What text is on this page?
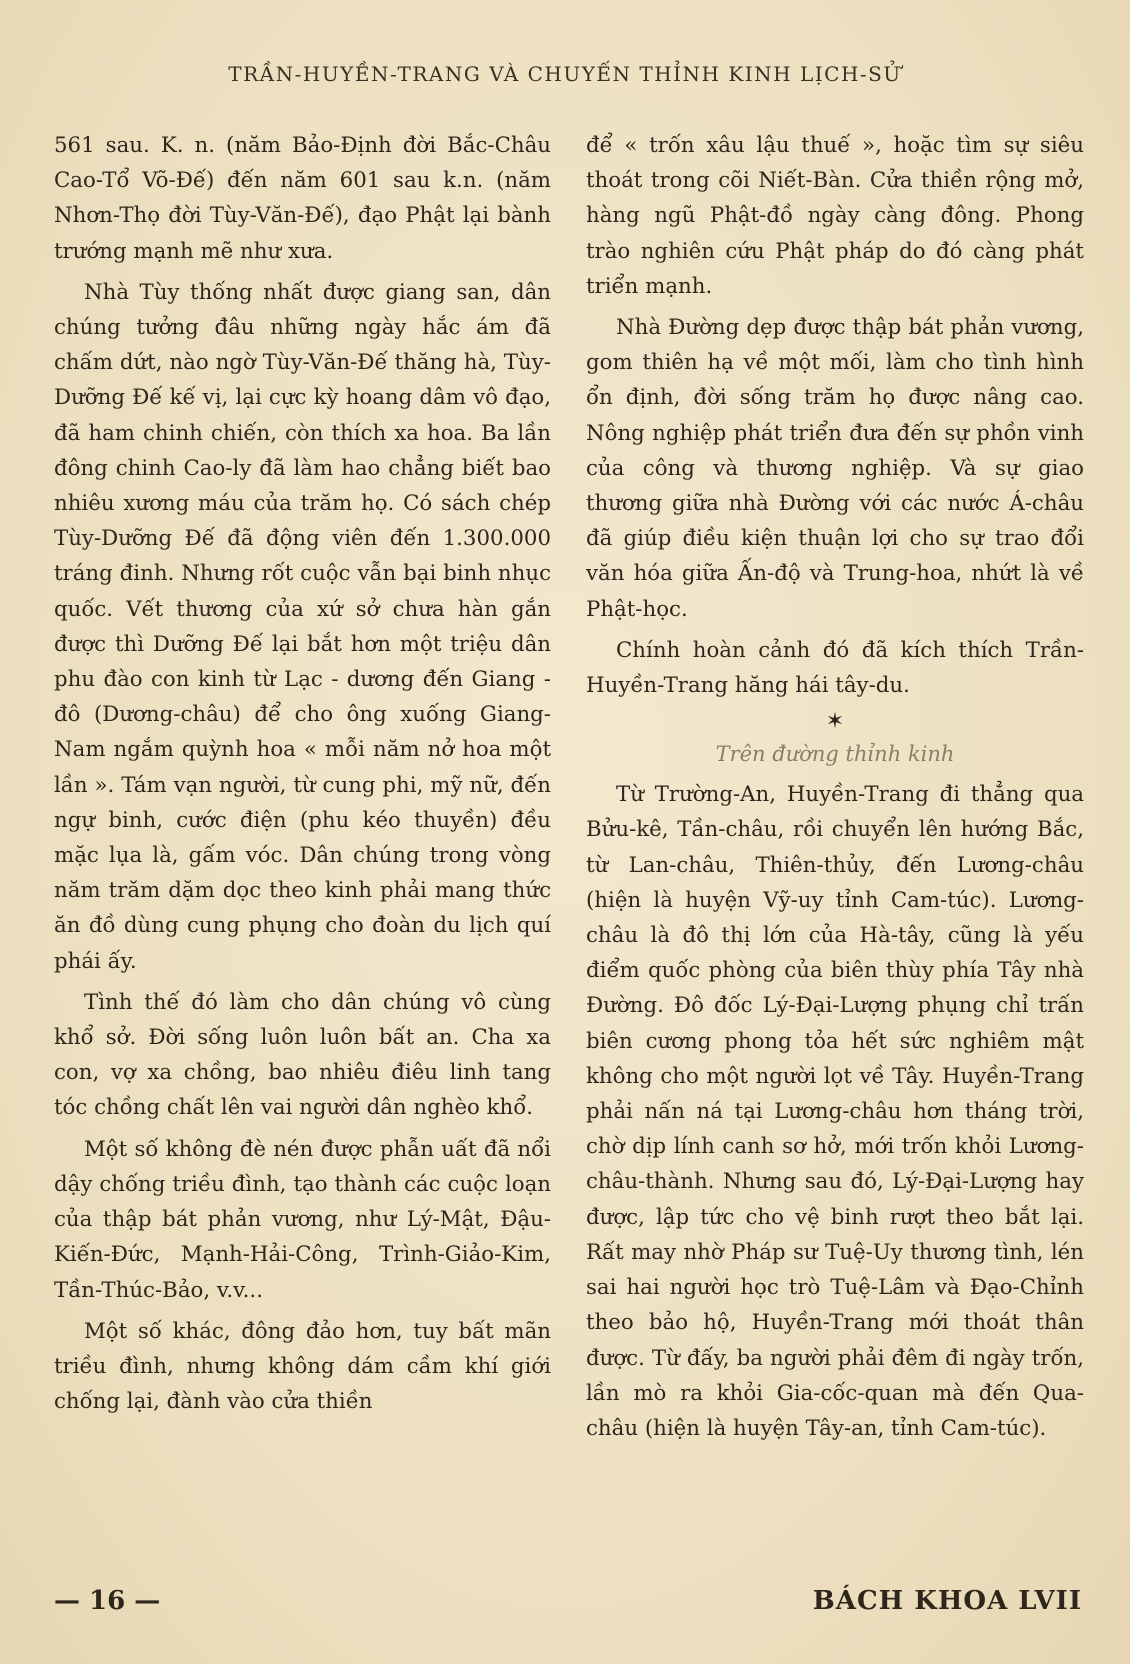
TRẦN-HUYỀN-TRANG VÀ CHUYẾN THỈNH KINH LỊCH-SỬ

561 sau. K. n. (năm Bảo-Định đời Bắc-Châu Cao-Tổ Võ-Đế) đến năm 601 sau k.n. (năm Nhơn-Thọ đời Tùy-Văn-Đế), đạo Phật lại bành trướng mạnh mẽ như xưa.

Nhà Tùy thống nhất được giang san, dân chúng tưởng đâu những ngày hắc ám đã chấm dứt, nào ngờ Tùy-Văn-Đế thăng hà, Tùy-Dưỡng Đế kế vị, lại cực kỳ hoang dâm vô đạo, đã ham chinh chiến, còn thích xa hoa. Ba lần đông chinh Cao-ly đã làm hao chẳng biết bao nhiêu xương máu của trăm họ. Có sách chép Tùy-Dưỡng Đế đã động viên đến 1.300.000 tráng đinh. Nhưng rốt cuộc vẫn bại binh nhục quốc. Vết thương của xứ sở chưa hàn gắn được thì Dưỡng Đế lại bắt hơn một triệu dân phu đào con kinh từ Lạc - dương đến Giang - đô (Dương-châu) để cho ông xuống Giang-Nam ngắm quỳnh hoa « mỗi năm nở hoa một lần ». Tám vạn người, từ cung phi, mỹ nữ, đến ngự binh, cước điện (phu kéo thuyền) đều mặc lụa là, gấm vóc. Dân chúng trong vòng năm trăm dặm dọc theo kinh phải mang thức ăn đồ dùng cung phụng cho đoàn du lịch quí phái ấy.

Tình thế đó làm cho dân chúng vô cùng khổ sở. Đời sống luôn luôn bất an. Cha xa con, vợ xa chồng, bao nhiêu điêu linh tang tóc chồng chất lên vai người dân nghèo khổ.

Một số không đè nén được phẫn uất đã nổi dậy chống triều đình, tạo thành các cuộc loạn của thập bát phản vương, như Lý-Mật, Đậu-Kiến-Đức, Mạnh-Hải-Công, Trình-Giảo-Kim, Tần-Thúc-Bảo, v.v...

Một số khác, đông đảo hơn, tuy bất mãn triều đình, nhưng không dám cầm khí giới chống lại, đành vào cửa thiền

để « trốn xâu lậu thuế », hoặc tìm sự siêu thoát trong cõi Niết-Bàn. Cửa thiền rộng mở, hàng ngũ Phật-đồ ngày càng đông. Phong trào nghiên cứu Phật pháp do đó càng phát triển mạnh.

Nhà Đường dẹp được thập bát phản vương, gom thiên hạ về một mối, làm cho tình hình ổn định, đời sống trăm họ được nâng cao. Nông nghiệp phát triển đưa đến sự phồn vinh của công và thương nghiệp. Và sự giao thương giữa nhà Đường với các nước Á-châu đã giúp điều kiện thuận lợi cho sự trao đổi văn hóa giữa Ấn-độ và Trung-hoa, nhứt là về Phật-học.

Chính hoàn cảnh đó đã kích thích Trần-Huyền-Trang hăng hái tây-du.

✶
Trên đường thỉnh kinh

Từ Trường-An, Huyền-Trang đi thẳng qua Bửu-kê, Tần-châu, rồi chuyển lên hướng Bắc, từ Lan-châu, Thiên-thủy, đến Lương-châu (hiện là huyện Vỹ-uy tỉnh Cam-túc). Lương-châu là đô thị lớn của Hà-tây, cũng là yếu điểm quốc phòng của biên thùy phía Tây nhà Đường. Đô đốc Lý-Đại-Lượng phụng chỉ trấn biên cương phong tỏa hết sức nghiêm mật không cho một người lọt về Tây. Huyền-Trang phải nấn ná tại Lương-châu hơn tháng trời, chờ dịp lính canh sơ hở, mới trốn khỏi Lương-châu-thành. Nhưng sau đó, Lý-Đại-Lượng hay được, lập tức cho vệ binh rượt theo bắt lại. Rất may nhờ Pháp sư Tuệ-Uy thương tình, lén sai hai người học trò Tuệ-Lâm và Đạo-Chỉnh theo bảo hộ, Huyền-Trang mới thoát thân được. Từ đấy, ba người phải đêm đi ngày trốn, lần mò ra khỏi Gia-cốc-quan mà đến Qua-châu (hiện là huyện Tây-an, tỉnh Cam-túc).

— 16 —	BÁCH KHOA LVII
